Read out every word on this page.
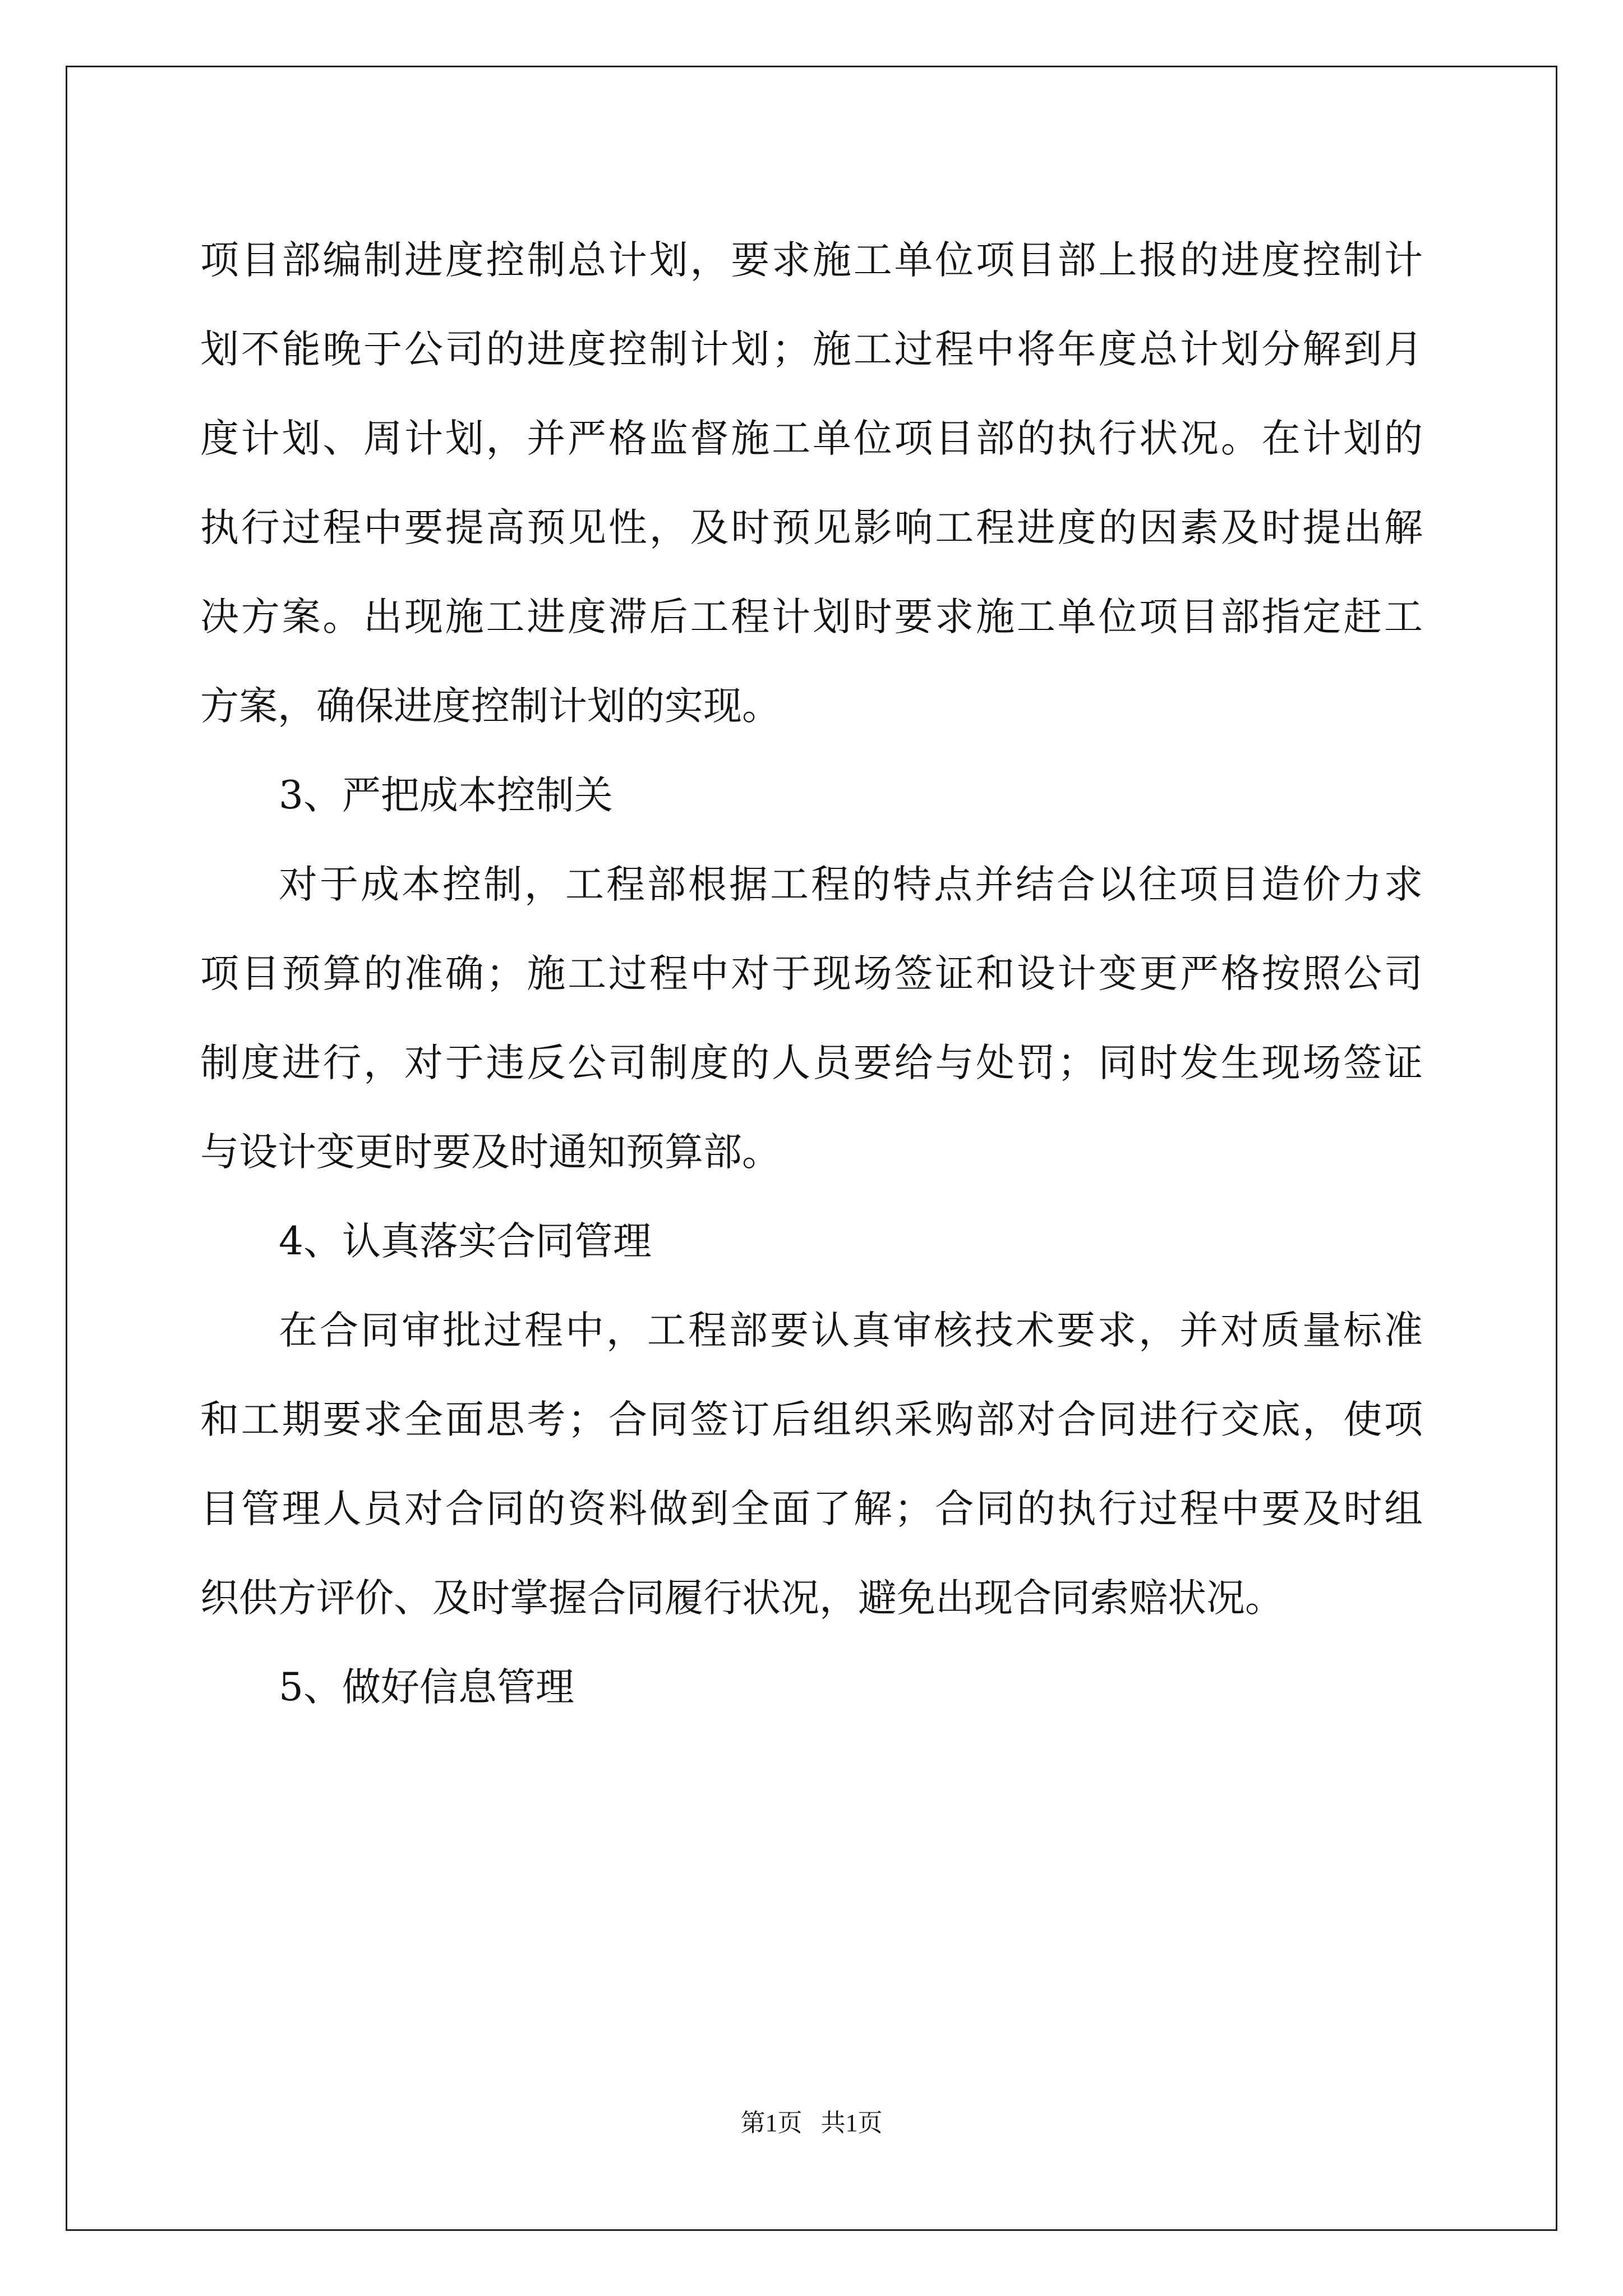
项目部编制进度控制总计划，要求施工单位项目部上报的进度控制计
划不能晚于公司的进度控制计划；施工过程中将年度总计划分解到月
度计划、周计划，并严格监督施工单位项目部的执行状况。在计划的
执行过程中要提高预见性，及时预见影响工程进度的因素及时提出解
决方案。出现施工进度滞后工程计划时要求施工单位项目部指定赶工
方案，确保进度控制计划的实现。
3、严把成本控制关
对于成本控制，工程部根据工程的特点并结合以往项目造价力求
项目预算的准确；施工过程中对于现场签证和设计变更严格按照公司
制度进行，对于违反公司制度的人员要给与处罚；同时发生现场签证
与设计变更时要及时通知预算部。
4、认真落实合同管理
在合同审批过程中，工程部要认真审核技术要求，并对质量标准
和工期要求全面思考；合同签订后组织采购部对合同进行交底，使项
目管理人员对合同的资料做到全面了解；合同的执行过程中要及时组
织供方评价、及时掌握合同履行状况，避免出现合同索赔状况。
5、做好信息管理
第1页   共1页
